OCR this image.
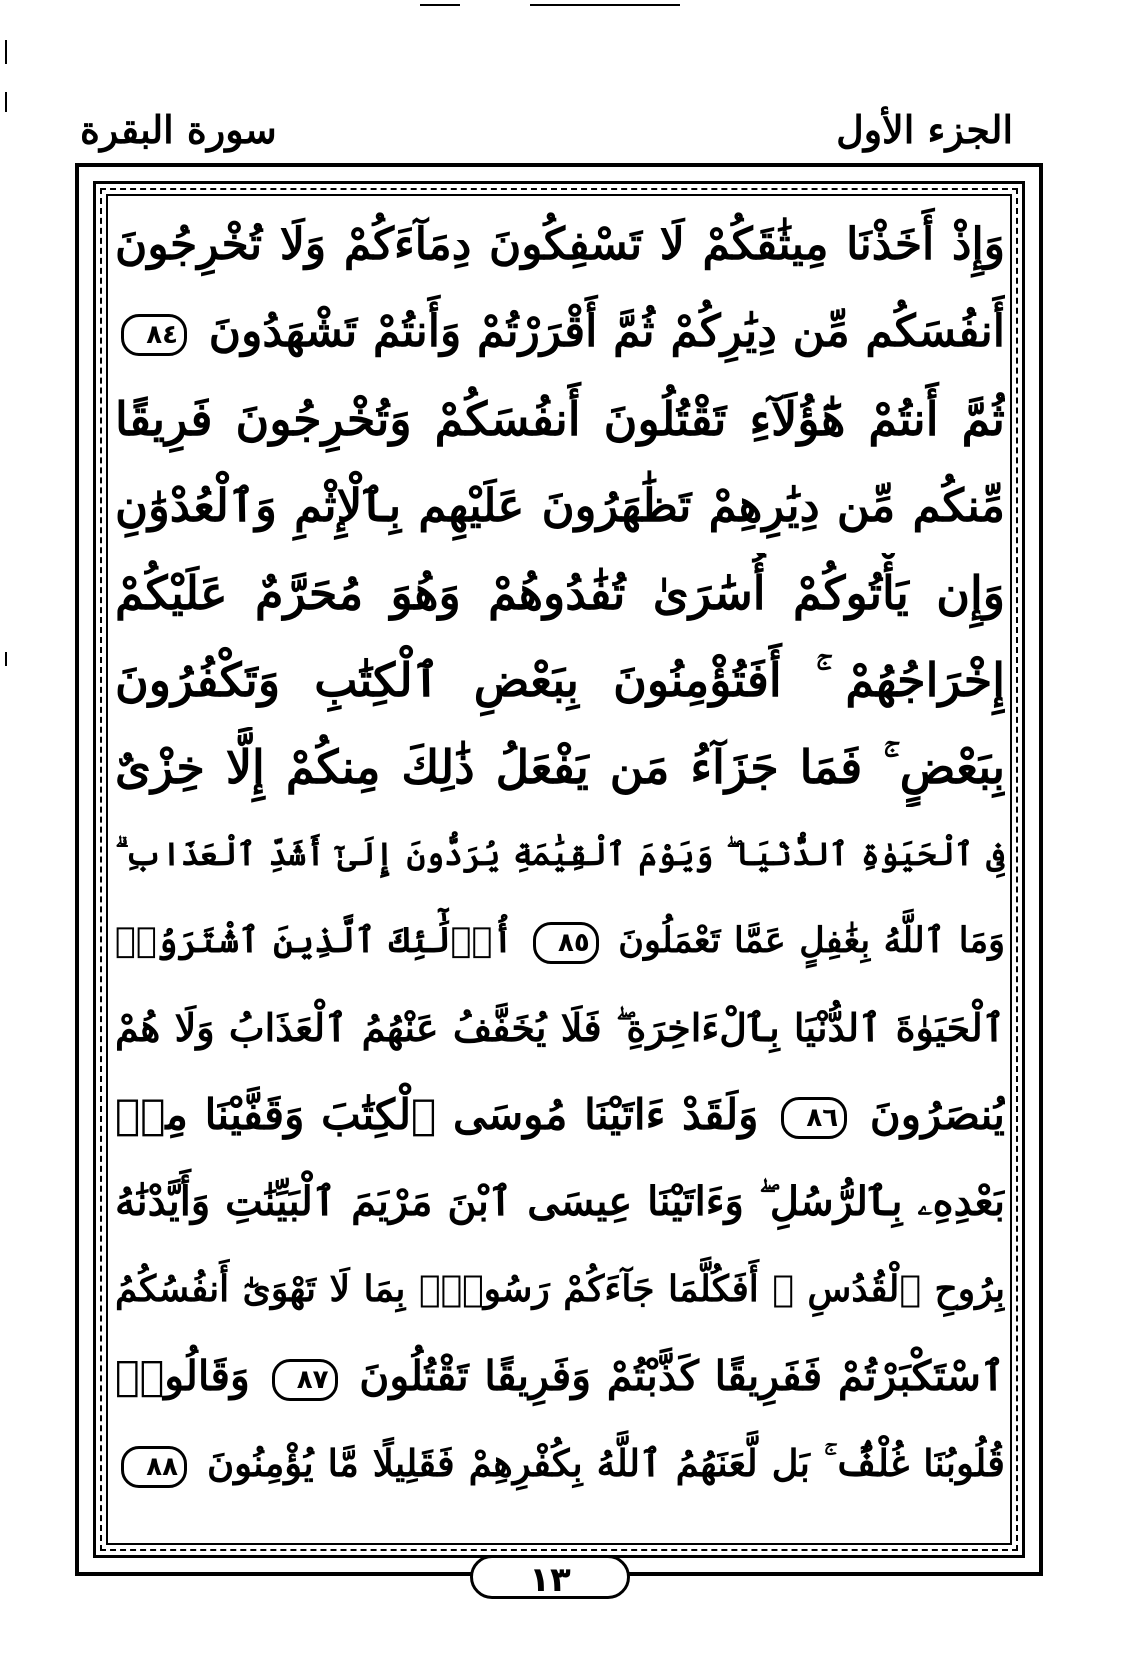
الجزء الأول
سورة البقرة
وَإِذْ أَخَذْنَا مِيثَٰقَكُمْ لَا تَسْفِكُونَ دِمَآءَكُمْ وَلَا تُخْرِجُونَ
أَنفُسَكُم مِّن دِيَٰرِكُمْ ثُمَّ أَقْرَرْتُمْ وَأَنتُمْ تَشْهَدُونَ ٨٤
ثُمَّ أَنتُمْ هَٰٓؤُلَآءِ تَقْتُلُونَ أَنفُسَكُمْ وَتُخْرِجُونَ فَرِيقًا
مِّنكُم مِّن دِيَٰرِهِمْ تَظَٰهَرُونَ عَلَيْهِم بِٱلْإِثْمِ وَٱلْعُدْوَٰنِ
وَإِن يَأْتُوكُمْ أُسَٰرَىٰ تُفَٰدُوهُمْ وَهُوَ مُحَرَّمٌ عَلَيْكُمْ
إِخْرَاجُهُمْ ۚ أَفَتُؤْمِنُونَ بِبَعْضِ ٱلْكِتَٰبِ وَتَكْفُرُونَ
بِبَعْضٍ ۚ فَمَا جَزَآءُ مَن يَفْعَلُ ذَٰلِكَ مِنكُمْ إِلَّا خِزْىٌ
فِى ٱلْحَيَوٰةِ ٱلدُّنْيَا ۖ وَيَوْمَ ٱلْقِيَٰمَةِ يُرَدُّونَ إِلَىٰٓ أَشَدِّ ٱلْعَذَابِ ۗ
وَمَا ٱللَّهُ بِغَٰفِلٍ عَمَّا تَعْمَلُونَ ٨٥ أُو۟لَٰٓئِكَ ٱلَّذِينَ ٱشْتَرَوُا۟
ٱلْحَيَوٰةَ ٱلدُّنْيَا بِٱلْءَاخِرَةِ ۖ فَلَا يُخَفَّفُ عَنْهُمُ ٱلْعَذَابُ وَلَا هُمْ
يُنصَرُونَ ٨٦ وَلَقَدْ ءَاتَيْنَا مُوسَى ٱلْكِتَٰبَ وَقَفَّيْنَا مِنۢ
بَعْدِهِۦ بِٱلرُّسُلِ ۖ وَءَاتَيْنَا عِيسَى ٱبْنَ مَرْيَمَ ٱلْبَيِّنَٰتِ وَأَيَّدْنَٰهُ
بِرُوحِ ٱلْقُدُسِ ۗ أَفَكُلَّمَا جَآءَكُمْ رَسُولٌۢ بِمَا لَا تَهْوَىٰٓ أَنفُسُكُمُ
ٱسْتَكْبَرْتُمْ فَفَرِيقًا كَذَّبْتُمْ وَفَرِيقًا تَقْتُلُونَ ٨٧ وَقَالُوا۟
قُلُوبُنَا غُلْفٌۢ ۚ بَل لَّعَنَهُمُ ٱللَّهُ بِكُفْرِهِمْ فَقَلِيلًا مَّا يُؤْمِنُونَ ٨٨
١٣
